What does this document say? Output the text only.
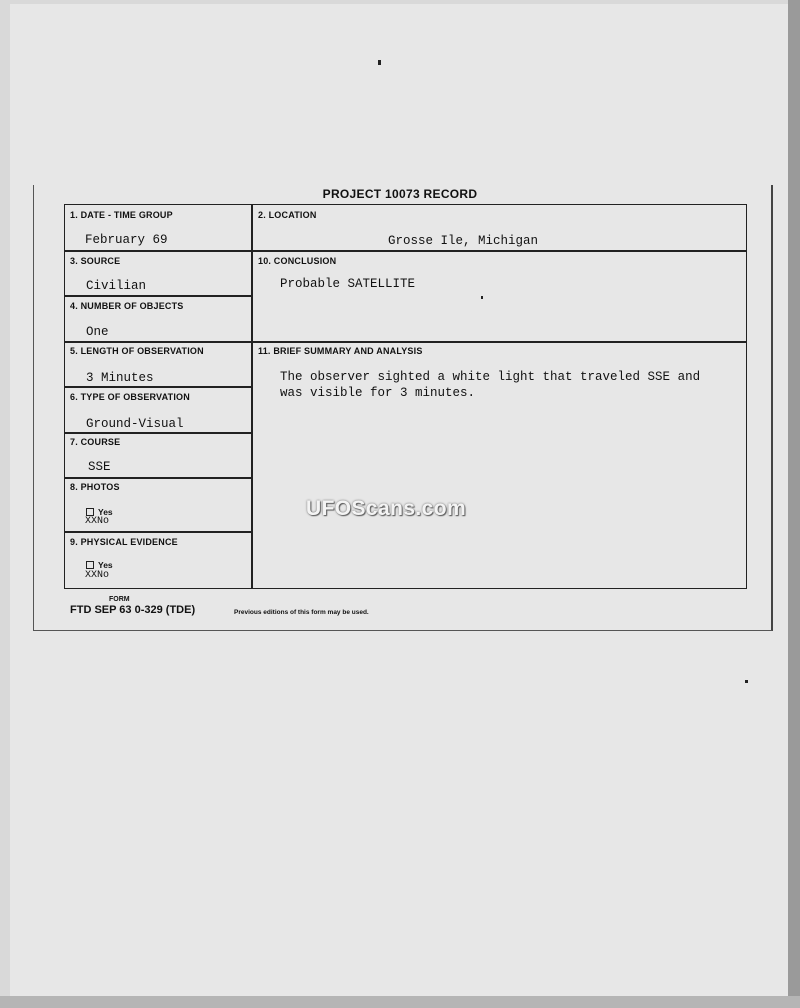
PROJECT 10073 RECORD
1. DATE - TIME GROUP
February 69
2. LOCATION
Grosse Ile, Michigan
3. SOURCE
Civilian
10. CONCLUSION
Probable SATELLITE
4. NUMBER OF OBJECTS
One
5. LENGTH OF OBSERVATION
3 Minutes
11. BRIEF SUMMARY AND ANALYSIS
The observer sighted a white light that traveled SSE and
was visible for 3 minutes.
6. TYPE OF OBSERVATION
Ground-Visual
7. COURSE
SSE
8. PHOTOS
Yes
XXNo
9. PHYSICAL EVIDENCE
Yes
XXNo
FORM
FTD SEP 63 0-329 (TDE)	Previous editions of this form may be used.
UFOScans.com
